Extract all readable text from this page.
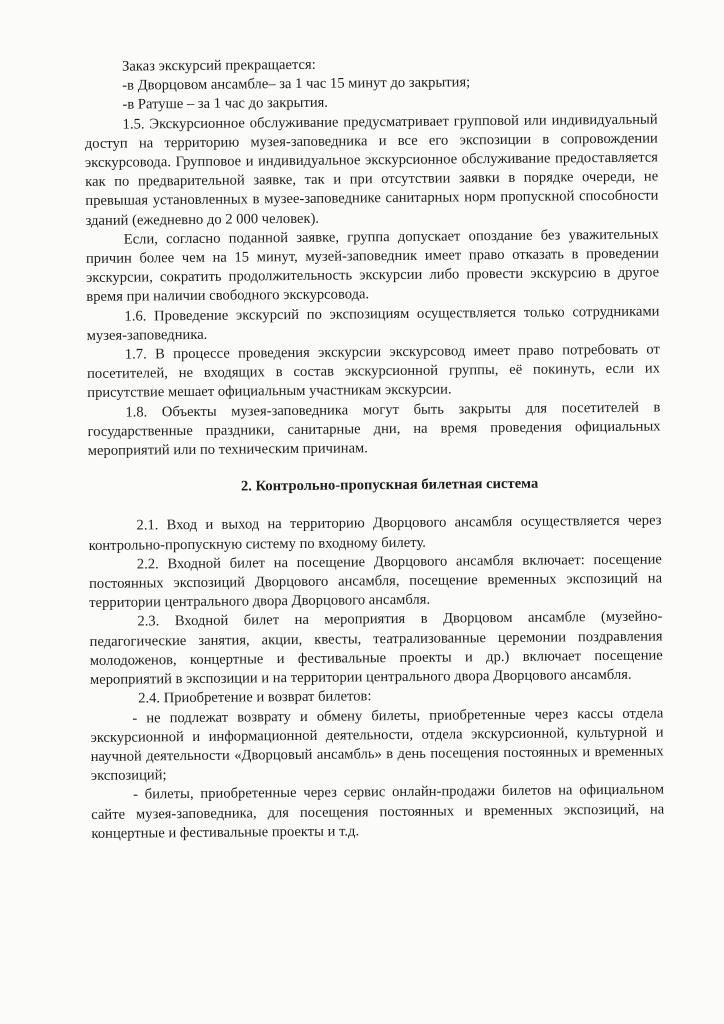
Заказ экскурсий прекращается:

-в Дворцовом ансамбле– за 1 час 15 минут до закрытия;

-в Ратуше – за 1 час до закрытия.

1.5. Экскурсионное обслуживание предусматривает групповой или индивидуальный доступ на территорию музея-заповедника и все его экспозиции в сопровождении экскурсовода. Групповое и индивидуальное экскурсионное обслуживание предоставляется как по предварительной заявке, так и при отсутствии заявки в порядке очереди, не превышая установленных в музее-заповеднике санитарных норм пропускной способности зданий (ежедневно до 2 000 человек).

Если, согласно поданной заявке, группа допускает опоздание без уважительных причин более чем на 15 минут, музей-заповедник имеет право отказать в проведении экскурсии, сократить продолжительность экскурсии либо провести экскурсию в другое время при наличии свободного экскурсовода.

1.6. Проведение экскурсий по экспозициям осуществляется только сотрудниками музея-заповедника.

1.7. В процессе проведения экскурсии экскурсовод имеет право потребовать от посетителей, не входящих в состав экскурсионной группы, её покинуть, если их присутствие мешает официальным участникам экскурсии.

1.8. Объекты музея-заповедника могут быть закрыты для посетителей в государственные праздники, санитарные дни, на время проведения официальных мероприятий или по техническим причинам.

2. Контрольно-пропускная билетная система

2.1. Вход и выход на территорию Дворцового ансамбля осуществляется через контрольно-пропускную систему по входному билету.

2.2. Входной билет на посещение Дворцового ансамбля включает: посещение постоянных экспозиций Дворцового ансамбля, посещение временных экспозиций на территории центрального двора Дворцового ансамбля.

2.3. Входной билет на мероприятия в Дворцовом ансамбле (музейно-педагогические занятия, акции, квесты, театрализованные церемонии поздравления молодоженов, концертные и фестивальные проекты и др.) включает посещение мероприятий в экспозиции и на территории центрального двора Дворцового ансамбля.

2.4. Приобретение и возврат билетов:

- не подлежат возврату и обмену билеты, приобретенные через кассы отдела экскурсионной и информационной деятельности, отдела экскурсионной, культурной и научной деятельности «Дворцовый ансамбль» в день посещения постоянных и временных экспозиций;

- билеты, приобретенные через сервис онлайн-продажи билетов на официальном сайте музея-заповедника, для посещения постоянных и временных экспозиций, на концертные и фестивальные проекты и т.д.
